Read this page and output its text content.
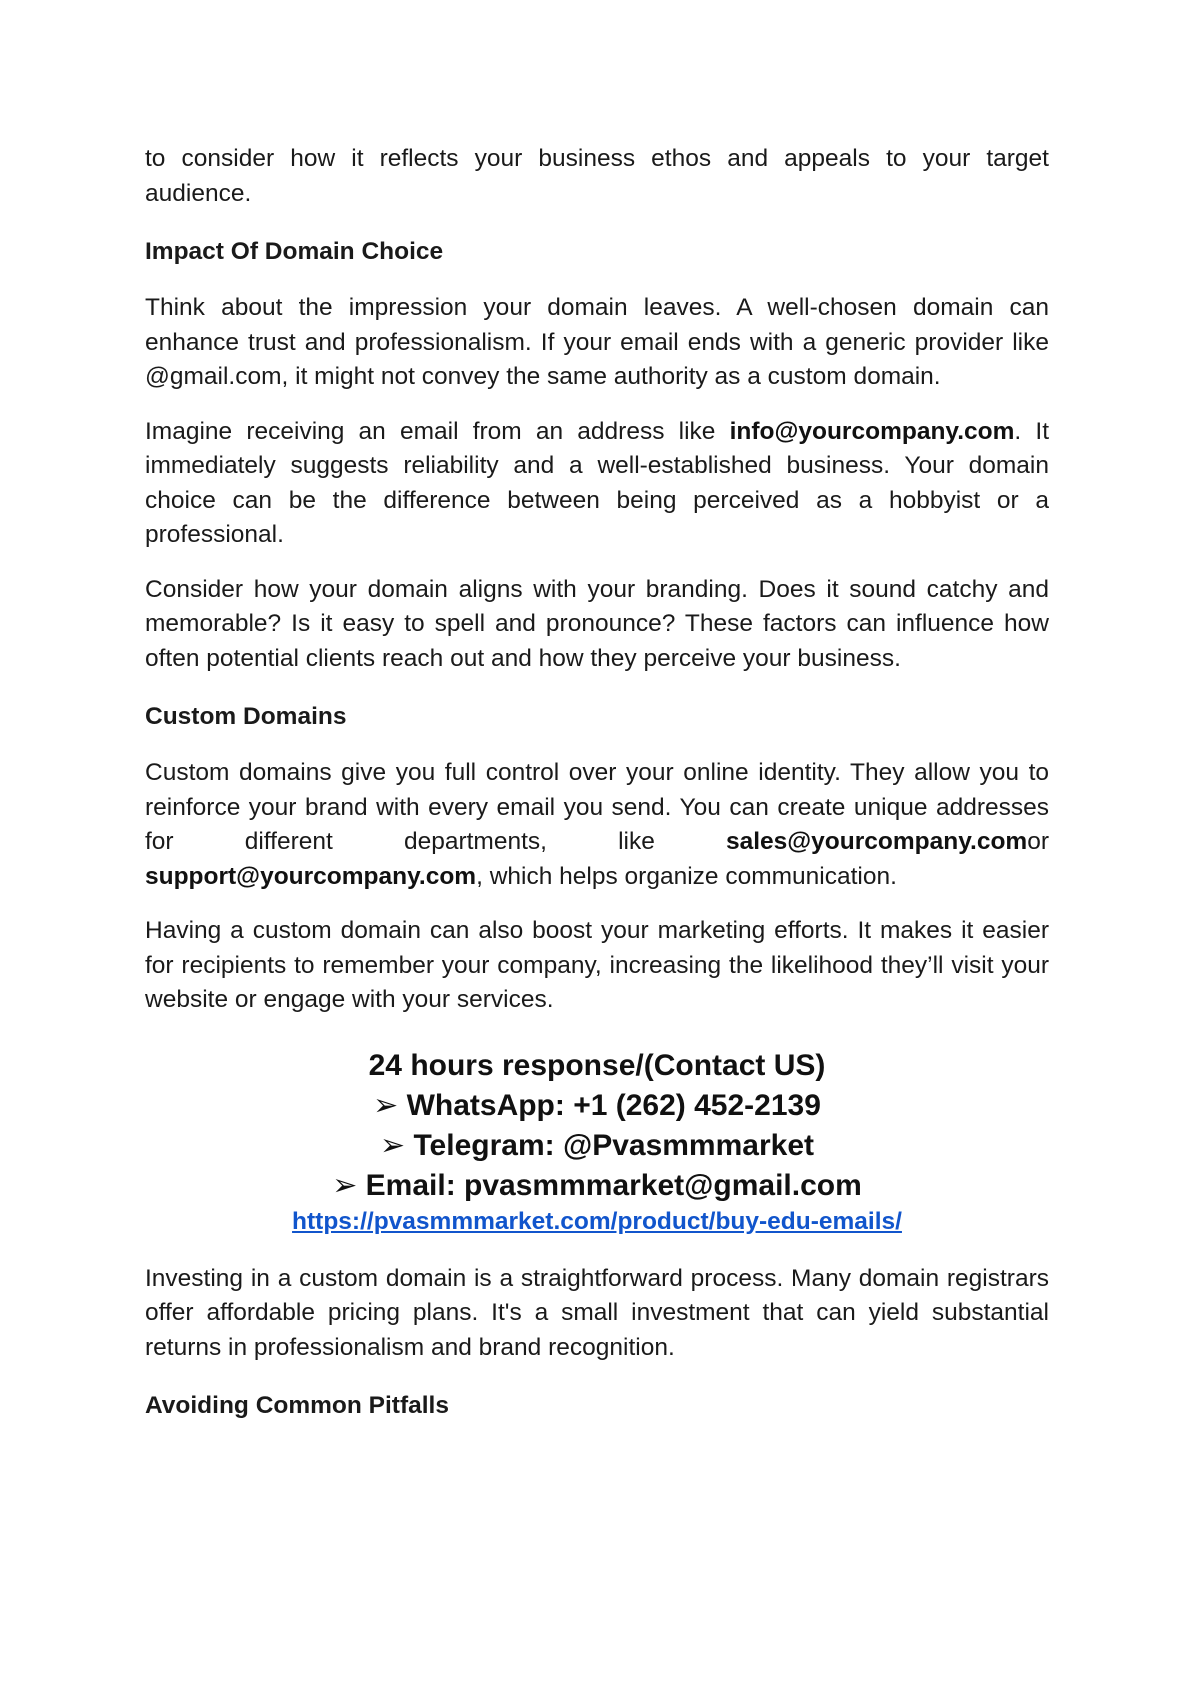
to consider how it reflects your business ethos and appeals to your target audience.

Impact Of Domain Choice

Think about the impression your domain leaves. A well-chosen domain can enhance trust and professionalism. If your email ends with a generic provider like @gmail.com, it might not convey the same authority as a custom domain.

Imagine receiving an email from an address like info@yourcompany.com. It immediately suggests reliability and a well-established business. Your domain choice can be the difference between being perceived as a hobbyist or a professional.

Consider how your domain aligns with your branding. Does it sound catchy and memorable? Is it easy to spell and pronounce? These factors can influence how often potential clients reach out and how they perceive your business.

Custom Domains

Custom domains give you full control over your online identity. They allow you to reinforce your brand with every email you send. You can create unique addresses for different departments, like sales@yourcompany.comor support@yourcompany.com, which helps organize communication.

Having a custom domain can also boost your marketing efforts. It makes it easier for recipients to remember your company, increasing the likelihood they’ll visit your website or engage with your services.

24 hours response/(Contact US)
➢ WhatsApp: +1 (262) 452-2139
➢ Telegram: @Pvasmmmarket
➢ Email: pvasmmmarket@gmail.com
https://pvasmmmarket.com/product/buy-edu-emails/

Investing in a custom domain is a straightforward process. Many domain registrars offer affordable pricing plans. It's a small investment that can yield substantial returns in professionalism and brand recognition.

Avoiding Common Pitfalls
